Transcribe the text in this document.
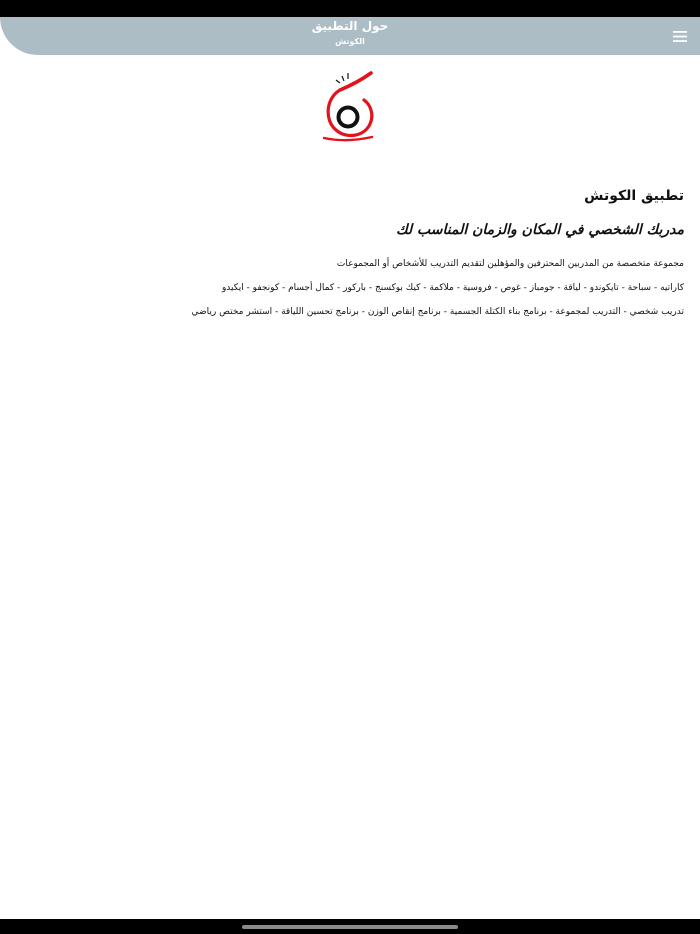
حول التطبيق
الكوتش
تطبيق الكوتش
مدربك الشخصي في المكان والزمان المناسب لك

مجموعة متخصصة من المدربين المحترفين والمؤهلين لتقديم التدريب للأشخاص أو المجموعات

كاراتيه - سباحة - تايكوندو - لياقة - جومباز - غوص - فروسية - ملاكمة - كيك بوكسنج - باركور - كمال أجسام - كونجفو - ايكيدو

تدريب شخصي - التدريب لمجموعة - برنامج بناء الكتلة الجسمية - برنامج إنقاص الوزن - برنامج تحسين اللياقة - استشر مختص رياضي
